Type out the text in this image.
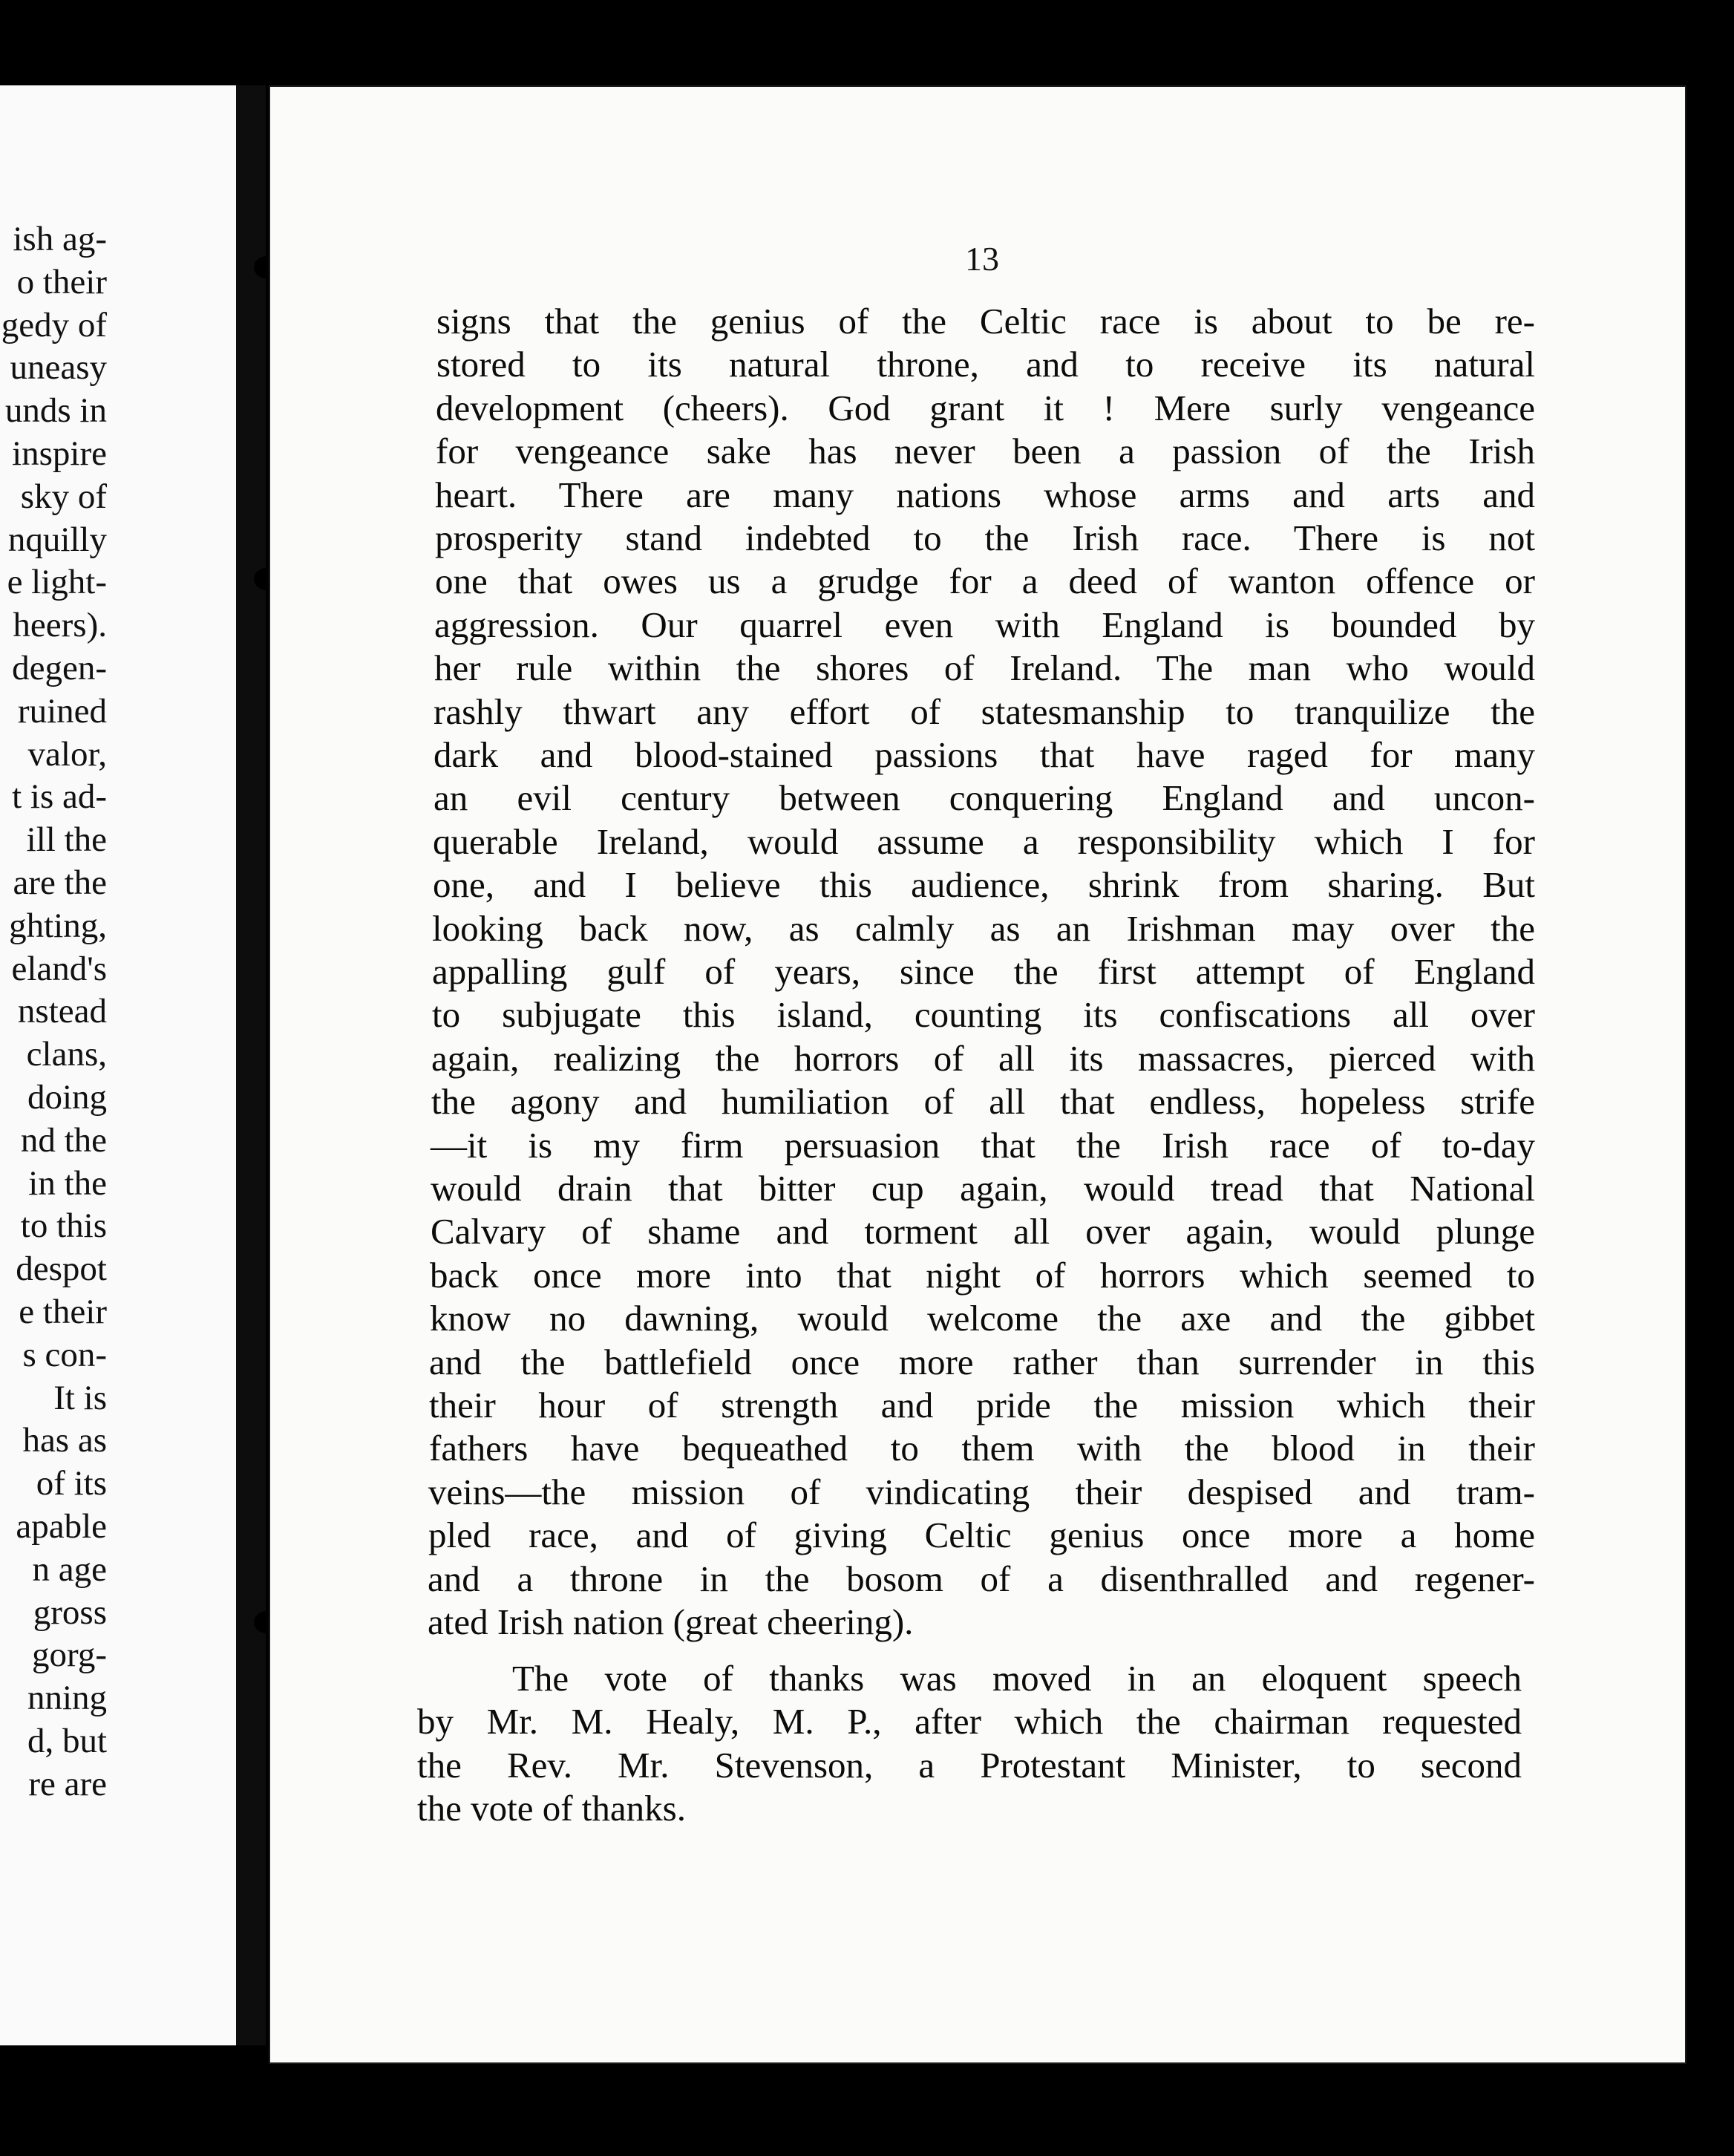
ish ag-
o their
gedy of
uneasy
unds in
inspire
sky of
nquilly
e light-
heers).
degen-
ruined
valor,
t is ad-
ill the
are the
ghting,
eland's
nstead
clans,
doing
nd the
in the
to this
despot
e their
s con-
It is
has as
of its
apable
n age
gross
gorg-
nning
d, but
re are
13
signs that the genius of the Celtic race is about to be re-
stored to its natural throne, and to receive its natural
development (cheers). God grant it ! Mere surly vengeance
for vengeance sake has never been a passion of the Irish
heart. There are many nations whose arms and arts and
prosperity stand indebted to the Irish race. There is not
one that owes us a grudge for a deed of wanton offence or
aggression. Our quarrel even with England is bounded by
her rule within the shores of Ireland. The man who would
rashly thwart any effort of statesmanship to tranquilize the
dark and blood-stained passions that have raged for many
an evil century between conquering England and uncon-
querable Ireland, would assume a responsibility which I for
one, and I believe this audience, shrink from sharing. But
looking back now, as calmly as an Irishman may over the
appalling gulf of years, since the first attempt of England
to subjugate this island, counting its confiscations all over
again, realizing the horrors of all its massacres, pierced with
the agony and humiliation of all that endless, hopeless strife
—it is my firm persuasion that the Irish race of to-day
would drain that bitter cup again, would tread that National
Calvary of shame and torment all over again, would plunge
back once more into that night of horrors which seemed to
know no dawning, would welcome the axe and the gibbet
and the battlefield once more rather than surrender in this
their hour of strength and pride the mission which their
fathers have bequeathed to them with the blood in their
veins—the mission of vindicating their despised and tram-
pled race, and of giving Celtic genius once more a home
and a throne in the bosom of a disenthralled and regener-
ated Irish nation (great cheering).
The vote of thanks was moved in an eloquent speech
by Mr. M. Healy, M. P., after which the chairman requested
the Rev. Mr. Stevenson, a Protestant Minister, to second
the vote of thanks.
